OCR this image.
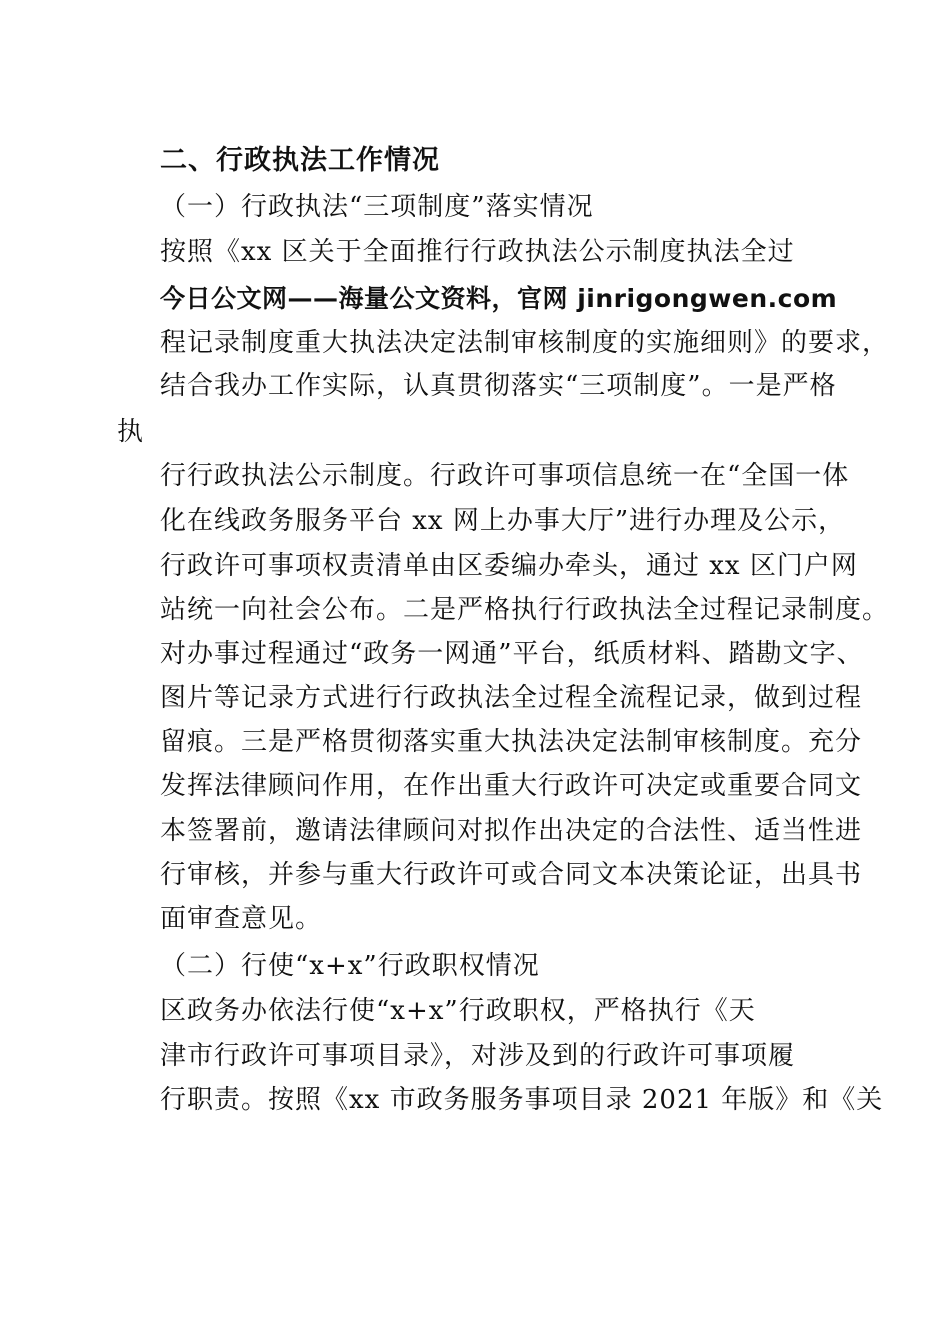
二、行政执法工作情况
（一）行政执法“三项制度”落实情况
按照《xx 区关于全面推行行政执法公示制度执法全过
今日公文网——海量公文资料，官网 jinrigongwen.com
程记录制度重大执法决定法制审核制度的实施细则》的要求，
结合我办工作实际，认真贯彻落实“三项制度”。一是严格
执
行行政执法公示制度。行政许可事项信息统一在“全国一体
化在线政务服务平台 xx 网上办事大厅”进行办理及公示，
行政许可事项权责清单由区委编办牵头，通过 xx 区门户网
站统一向社会公布。二是严格执行行政执法全过程记录制度。
对办事过程通过“政务一网通”平台，纸质材料、踏勘文字、
图片等记录方式进行行政执法全过程全流程记录，做到过程
留痕。三是严格贯彻落实重大执法决定法制审核制度。充分
发挥法律顾问作用，在作出重大行政许可决定或重要合同文
本签署前，邀请法律顾问对拟作出决定的合法性、适当性进
行审核，并参与重大行政许可或合同文本决策论证，出具书
面审查意见。
（二）行使“x+x”行政职权情况
区政务办依法行使“x+x”行政职权，严格执行《天
津市行政许可事项目录》，对涉及到的行政许可事项履
行职责。按照《xx 市政务服务事项目录 2021 年版》和《关
